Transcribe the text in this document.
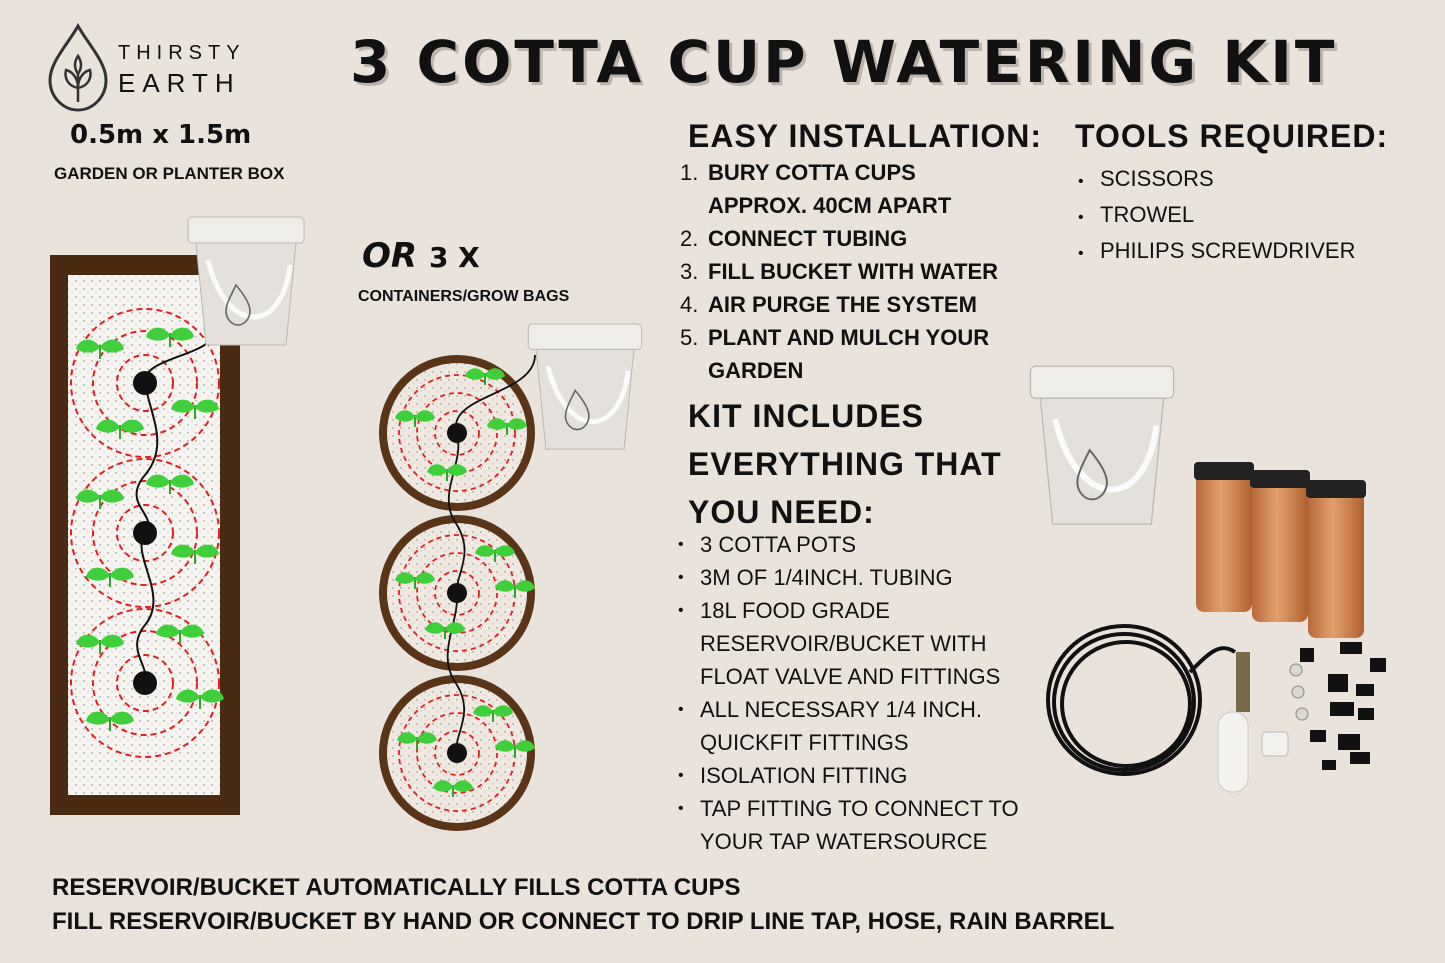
THIRSTY
EARTH 3 COTTA CUP WATERING KIT
0.5m x 1.5m
GARDEN OR PLANTER BOX
OR 3 X
CONTAINERS/GROW BAGS
EASY INSTALLATION:
1. BURY COTTA CUPS APPROX. 40CM APART
2. CONNECT TUBING
3. FILL BUCKET WITH WATER
4. AIR PURGE THE SYSTEM
5. PLANT AND MULCH YOUR GARDEN
TOOLS REQUIRED:
• SCISSORS
• TROWEL
• PHILIPS SCREWDRIVER
KIT INCLUDES
EVERYTHING THAT
YOU NEED:
• 3 COTTA POTS
• 3M OF 1/4INCH. TUBING
• 18L FOOD GRADE RESERVOIR/BUCKET WITH FLOAT VALVE AND FITTINGS
• ALL NECESSARY 1/4 INCH. QUICKFIT FITTINGS
• ISOLATION FITTING
• TAP FITTING TO CONNECT TO YOUR TAP WATERSOURCE
RESERVOIR/BUCKET AUTOMATICALLY FILLS COTTA CUPS
FILL RESERVOIR/BUCKET BY HAND OR CONNECT TO DRIP LINE TAP, HOSE, RAIN BARREL
